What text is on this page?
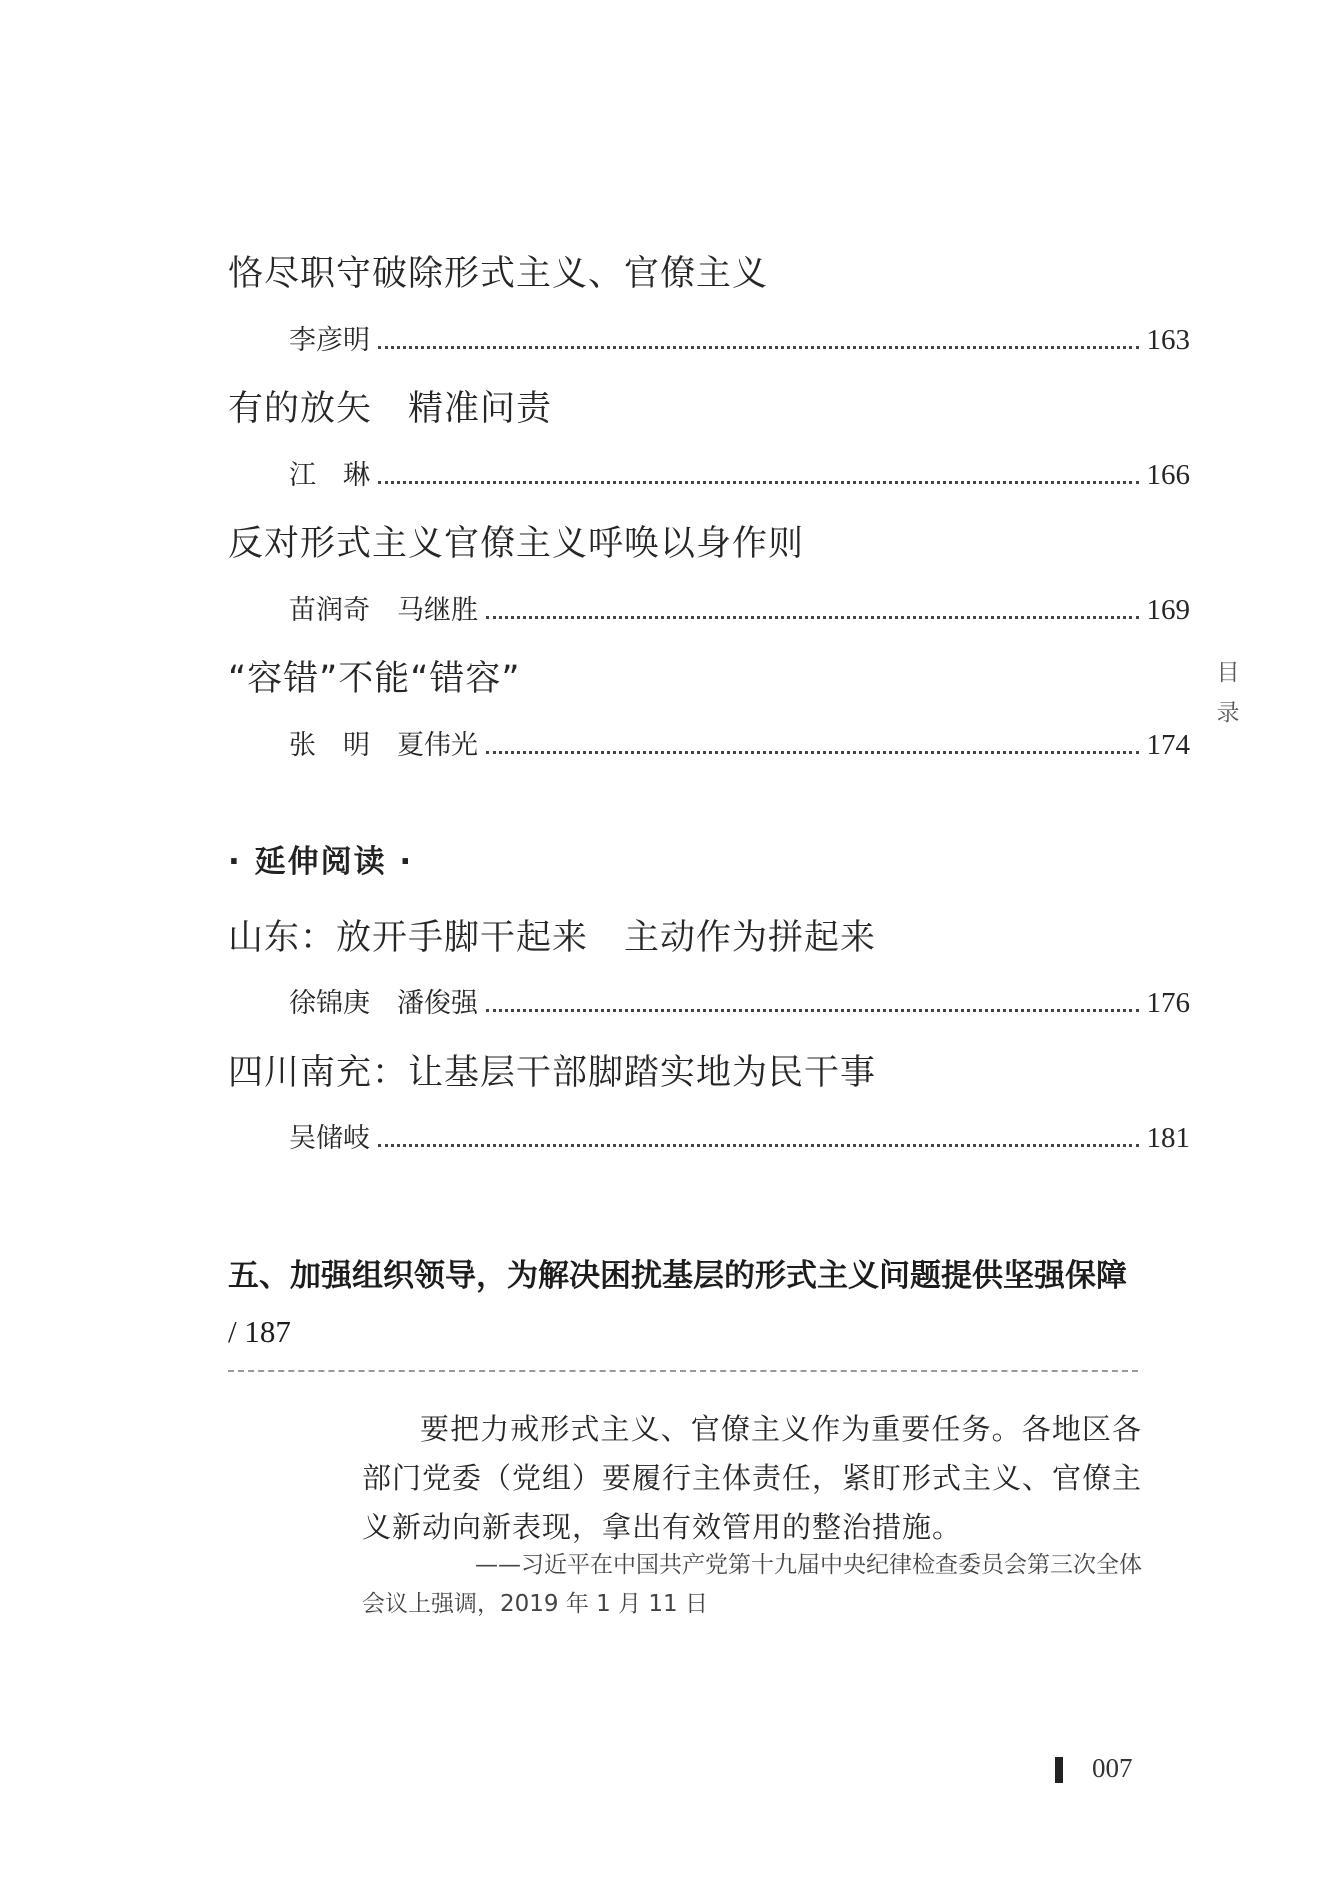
恪尽职守破除形式主义、官僚主义
李彦明	163
有的放矢　精准问责
江　琳	166
反对形式主义官僚主义呼唤以身作则
苗润奇　马继胜	169
“容错”不能“错容”
张　明　夏伟光	174
· 延伸阅读 ·
山东：放开手脚干起来　主动作为拼起来
徐锦庚　潘俊强	176
四川南充：让基层干部脚踏实地为民干事
吴储岐	181
五、加强组织领导，为解决困扰基层的形式主义问题提供坚强保障 / 187

要把力戒形式主义、官僚主义作为重要任务。各地区各部门党委（党组）要履行主体责任，紧盯形式主义、官僚主义新动向新表现，拿出有效管用的整治措施。

——习近平在中国共产党第十九届中央纪律检查委员会第三次全体
会议上强调，2019 年 1 月 11 日
目
录
007
